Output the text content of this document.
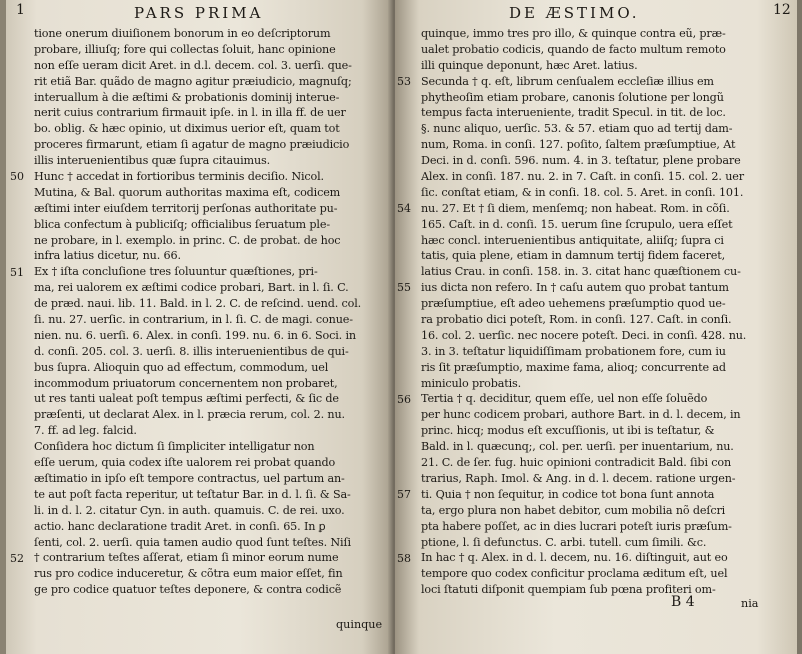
1	PARS PRIMA
50
51
52
tione onerum diuiſionem bonorum in eo deſcriptorum
probare, illiuſq; fore qui collectas ſoluit, hanc opinione
non eſſe ueram dicit Aret. in d.l. decem. col. 3. uerſi. que-
rit etiã Bar. quãdo de magno agitur præiudicio, magnuſq;
interuallum à die æſtimi & probationis dominij interue-
nerit cuius contrarium firmauit ipſe. in l. in illa ff. de uer
bo. oblig. & hæc opinio, ut diximus uerior eſt, quam tot
proceres firmarunt, etiam ſi agatur de magno præiudicio
illis interuenientibus quæ ſupra citauimus.
Hunc † accedat in fortioribus terminis deciſio. Nicol.
Mutina, & Bal. quorum authoritas maxima eſt, codicem
æſtimi inter eiuſdem territorij perſonas authoritate pu-
blica confectum à publiciſq; officialibus ſeruatum ple-
ne probare, in l. exemplo. in princ. C. de probat. de hoc
infra latius dicetur, nu. 66.
Ex † iſta concluſione tres ſoluuntur quæſtiones, pri-
ma, rei ualorem ex æſtimi codice probari, Bart. in l. ſi. C.
de præd. naui. lib. 11. Bald. in l. 2. C. de reſcind. uend. col.
ſi. nu. 27. uerſic. in contrarium, in l. ſi. C. de magi. conue-
nien. nu. 6. uerſi. 6. Alex. in conſi. 199. nu. 6. in 6. Soci. in
d. conſi. 205. col. 3. uerſi. 8. illis interuenientibus de qui-
bus ſupra. Alioquin quo ad effectum, commodum, uel
incommodum priuatorum concernentem non probaret,
ut res tanti ualeat poſt tempus æſtimi perfecti, & ſic de
præſenti, ut declarat Alex. in l. præcia rerum, col. 2. nu.
7. ff. ad leg. falcid.
Conſidera hoc dictum ſi ſimpliciter intelligatur non
eſſe uerum, quia codex iſte ualorem rei probat quando
æſtimatio in ipſo eſt tempore contractus, uel partum an-
te aut poſt facta reperitur, ut teſtatur Bar. in d. l. ſi. & Sa-
li. in d. l. 2. citatur Cyn. in auth. quamuis. C. de rei. uxo.
actio. hanc declaratione tradit Aret. in conſi. 65. In ꝑ
ſenti, col. 2. uerſi. quia tamen audio quod ſunt teſtes. Niſi
† contrarium teſtes aſſerat, etiam ſi minor eorum nume
rus pro codice induceretur, & cõtra eum maior eſſet, fin
ge pro codice quatuor teſtes deponere, & contra codicẽ
quinque
DE ÆSTIMO.	12
53
54
55
56
57
58
quinque, immo tres pro illo, & quinque contra eũ, præ-
ualet probatio codicis, quando de facto multum remoto
illi quinque deponunt, hæc Aret. latius.
Secunda † q. eſt, librum cenſualem eccleſiæ illius em
phytheoſim etiam probare, canonis ſolutione per longũ
tempus facta interueniente, tradit Specul. in tit. de loc.
§. nunc aliquo, uerſic. 53. & 57. etiam quo ad tertij dam-
num, Roma. in conſi. 127. poſito, ſaltem præſumptiue, At
Deci. in d. conſi. 596. num. 4. in 3. teſtatur, plene probare
Alex. in conſi. 187. nu. 2. in 7. Caſt. in conſi. 15. col. 2. uer
ſic. conſtat etiam, & in conſi. 18. col. 5. Aret. in conſi. 101.
nu. 27. Et † ſi diem, menſemq; non habeat. Rom. in cõſi.
165. Caſt. in d. conſi. 15. uerum ſine ſcrupulo, uera eſſet
hæc concl. interuenientibus antiquitate, aliiſq; ſupra ci
tatis, quia plene, etiam in damnum tertij fidem faceret,
latius Crau. in conſi. 158. in. 3. citat hanc quæſtionem cu-
ius dicta non refero. In † caſu autem quo probat tantum
præſumptiue, eſt adeo uehemens præſumptio quod ue-
ra probatio dici poteſt, Rom. in conſi. 127. Caſt. in conſi.
16. col. 2. uerſic. nec nocere poteſt. Deci. in conſi. 428. nu.
3. in 3. teſtatur liquidiſſimam probationem fore, cum iu
ris ſit præſumptio, maxime fama, alioq; concurrente ad
miniculo probatis.
Tertia † q. deciditur, quem eſſe, uel non eſſe ſoluẽdo
per hunc codicem probari, authore Bart. in d. l. decem, in
princ. hicq; modus eſt excuſſionis, ut ibi is teſtatur, &
Bald. in l. quæcunq;, col. per. uerſi. per inuentarium, nu.
21. C. de ſer. fug. huic opinioni contradicit Bald. ſibi con
trarius, Raph. Imol. & Ang. in d. l. decem. ratione urgen-
ti. Quia † non ſequitur, in codice tot bona ſunt annota
ta, ergo plura non habet debitor, cum mobilia nõ deſcri
pta habere poſſet, ac in dies lucrari poteſt iuris præſum-
ptione, l. ſi defunctus. C. arbi. tutell. cum ſimili. &c.
In hac † q. Alex. in d. l. decem, nu. 16. diſtinguit, aut eo
tempore quo codex conficitur proclama æditum eſt, uel
loci ſtatuti diſponit quempiam ſub pœna profiteri om-
B 4	nia
